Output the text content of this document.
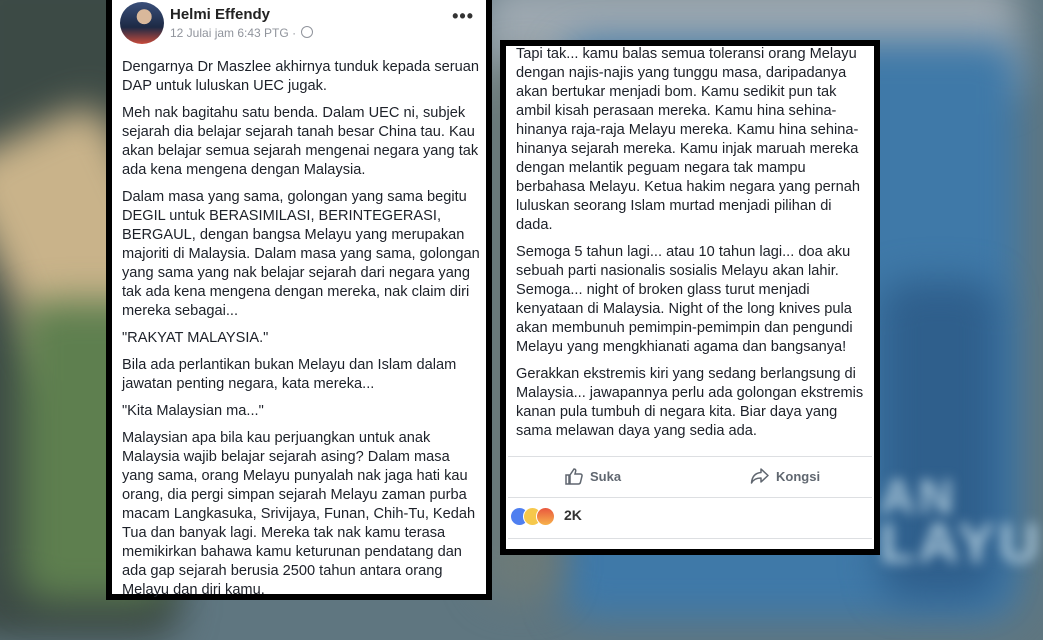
AN
LAYU
Helmi Effendy
12 Julai jam 6:43 PTG ·
•••

Dengarnya Dr Maszlee akhirnya tunduk kepada seruan DAP untuk luluskan UEC jugak.

Meh nak bagitahu satu benda. Dalam UEC ni, subjek sejarah dia belajar sejarah tanah besar China tau. Kau akan belajar semua sejarah mengenai negara yang tak ada kena mengena dengan Malaysia.

Dalam masa yang sama, golongan yang sama begitu DEGIL untuk BERASIMILASI, BERINTEGERASI, BERGAUL, dengan bangsa Melayu yang merupakan majoriti di Malaysia. Dalam masa yang sama, golongan yang sama yang nak belajar sejarah dari negara yang tak ada kena mengena dengan mereka, nak claim diri mereka sebagai...

"RAKYAT MALAYSIA."

Bila ada perlantikan bukan Melayu dan Islam dalam jawatan penting negara, kata mereka...

"Kita Malaysian ma..."

Malaysian apa bila kau perjuangkan untuk anak Malaysia wajib belajar sejarah asing? Dalam masa yang sama, orang Melayu punyalah nak jaga hati kau orang, dia pergi simpan sejarah Melayu zaman purba macam Langkasuka, Srivijaya, Funan, Chih-Tu, Kedah Tua dan banyak lagi. Mereka tak nak kamu terasa memikirkan bahawa kamu keturunan pendatang dan ada gap sejarah berusia 2500 tahun antara orang Melayu dan diri kamu.

Tapi tak... kamu balas semua toleransi orang Melayu dengan najis-najis yang tunggu masa, daripadanya akan bertukar menjadi bom. Kamu sedikit pun tak ambil kisah perasaan mereka. Kamu hina sehina-hinanya raja-raja Melayu mereka. Kamu hina sehina-hinanya sejarah mereka. Kamu injak maruah mereka dengan melantik peguam negara tak mampu berbahasa Melayu. Ketua hakim negara yang pernah luluskan seorang Islam murtad menjadi pilihan di dada.

Semoga 5 tahun lagi... atau 10 tahun lagi... doa aku sebuah parti nasionalis sosialis Melayu akan lahir. Semoga... night of broken glass turut menjadi kenyataan di Malaysia. Night of the long knives pula akan membunuh pemimpin-pemimpin dan pengundi Melayu yang mengkhianati agama dan bangsanya!

Gerakkan ekstremis kiri yang sedang berlangsung di Malaysia... jawapannya perlu ada golongan ekstremis kanan pula tumbuh di negara kita. Biar daya yang sama melawan daya yang sedia ada.

Suka	Kongsi
2K
